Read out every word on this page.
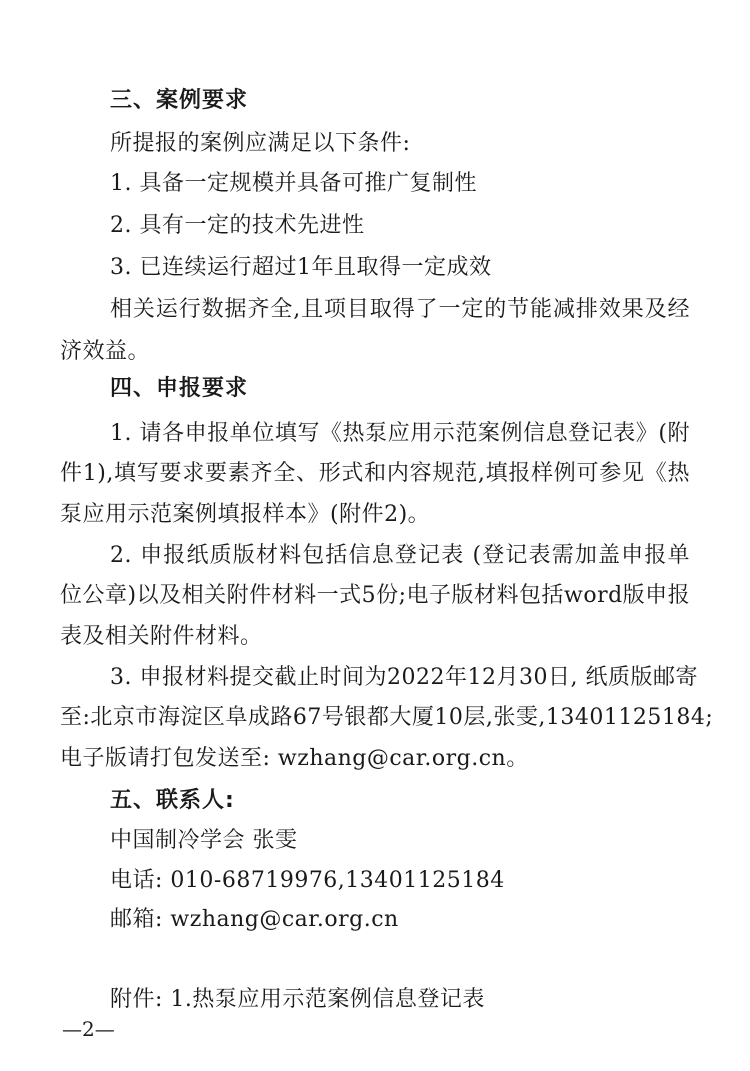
三、案例要求
所提报的案例应满足以下条件:
1. 具备一定规模并具备可推广复制性
2. 具有一定的技术先进性
3. 已连续运行超过1年且取得一定成效
相关运行数据齐全,且项目取得了一定的节能减排效果及经
济效益。
四、申报要求
1. 请各申报单位填写《热泵应用示范案例信息登记表》(附
件1),填写要求要素齐全、形式和内容规范,填报样例可参见《热
泵应用示范案例填报样本》(附件2)。
2. 申报纸质版材料包括信息登记表 (登记表需加盖申报单
位公章)以及相关附件材料一式5份;电子版材料包括word版申报
表及相关附件材料。
3. 申报材料提交截止时间为2022年12月30日, 纸质版邮寄
至:北京市海淀区阜成路67号银都大厦10层,张雯,13401125184;
电子版请打包发送至: wzhang@car.org.cn。
五、联系人:
中国制冷学会 张雯
电话: 010-68719976,13401125184
邮箱: wzhang@car.org.cn
附件: 1.热泵应用示范案例信息登记表
—2—
